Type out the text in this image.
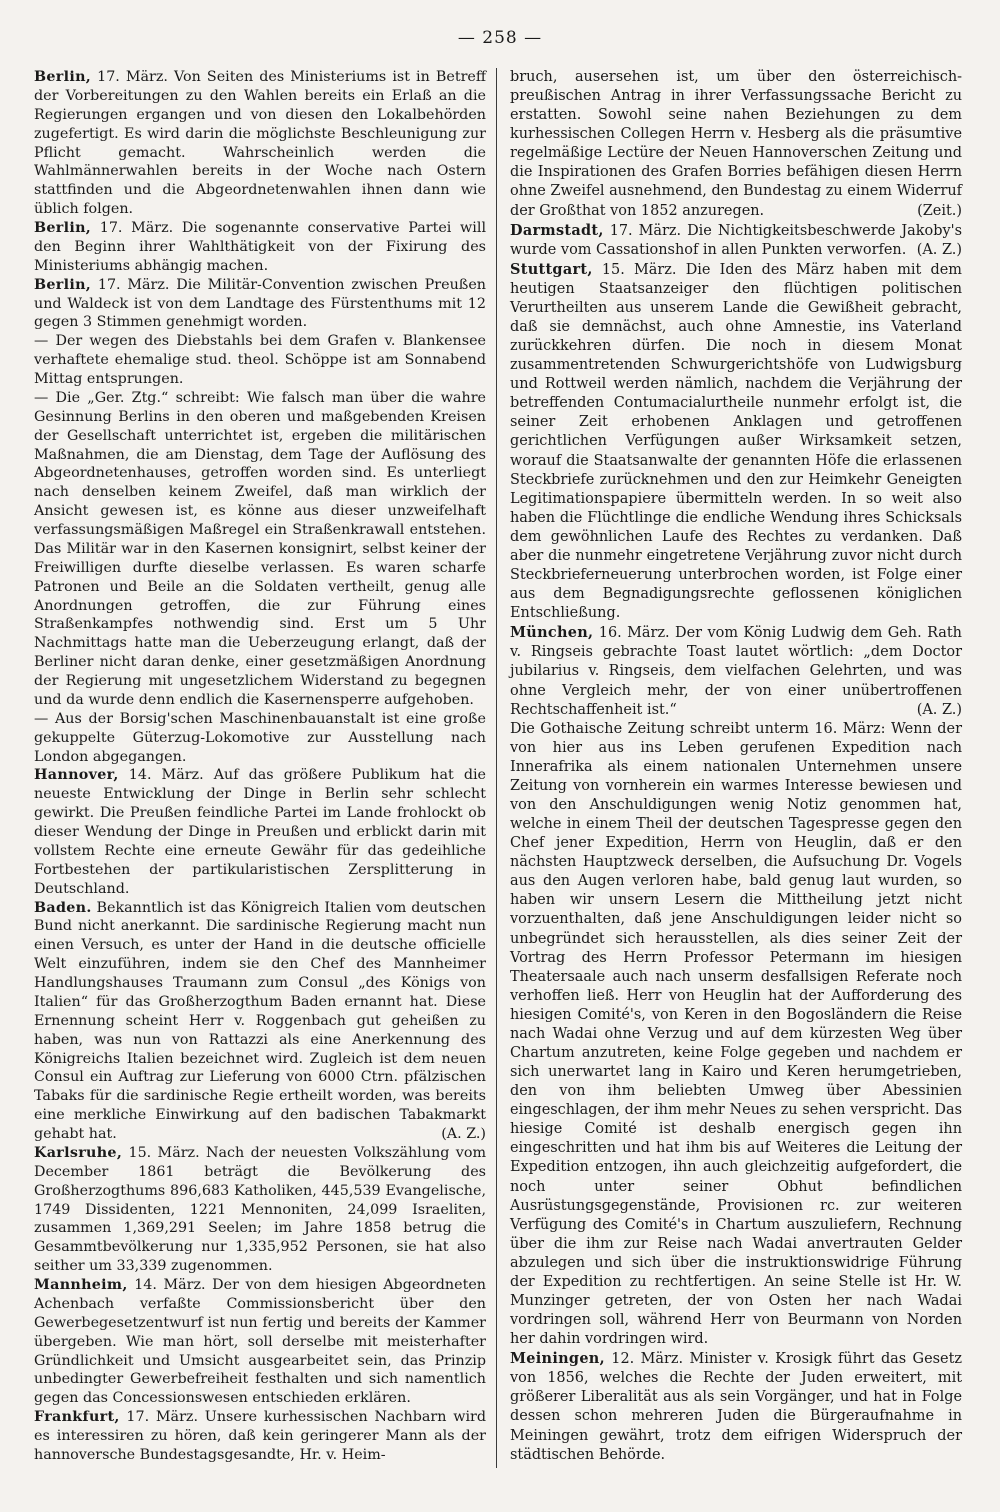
— 258 —

Berlin, 17. März. Von Seiten des Ministeriums ist in Betreff der Vorbereitungen zu den Wahlen bereits ein Erlaß an die Regierungen ergangen und von diesen den Lokalbehörden zugefertigt. Es wird darin die möglichste Beschleunigung zur Pflicht gemacht. Wahrscheinlich werden die Wahlmännerwahlen bereits in der Woche nach Ostern stattfinden und die Abgeordnetenwahlen ihnen dann wie üblich folgen.

Berlin, 17. März. Die sogenannte conservative Partei will den Beginn ihrer Wahlthätigkeit von der Fixirung des Ministeriums abhängig machen.

Berlin, 17. März. Die Militär-Convention zwischen Preußen und Waldeck ist von dem Landtage des Fürstenthums mit 12 gegen 3 Stimmen genehmigt worden.

— Der wegen des Diebstahls bei dem Grafen v. Blankensee verhaftete ehemalige stud. theol. Schöppe ist am Sonnabend Mittag entsprungen.

— Die „Ger. Ztg.“ schreibt: Wie falsch man über die wahre Gesinnung Berlins in den oberen und maßgebenden Kreisen der Gesellschaft unterrichtet ist, ergeben die militärischen Maßnahmen, die am Dienstag, dem Tage der Auflösung des Abgeordnetenhauses, getroffen worden sind. Es unterliegt nach denselben keinem Zweifel, daß man wirklich der Ansicht gewesen ist, es könne aus dieser unzweifelhaft verfassungsmäßigen Maßregel ein Straßenkrawall entstehen. Das Militär war in den Kasernen konsignirt, selbst keiner der Freiwilligen durfte dieselbe verlassen. Es waren scharfe Patronen und Beile an die Soldaten vertheilt, genug alle Anordnungen getroffen, die zur Führung eines Straßenkampfes nothwendig sind. Erst um 5 Uhr Nachmittags hatte man die Ueberzeugung erlangt, daß der Berliner nicht daran denke, einer gesetzmäßigen Anordnung der Regierung mit ungesetzlichem Widerstand zu begegnen und da wurde denn endlich die Kasernensperre aufgehoben.

— Aus der Borsig'schen Maschinenbauanstalt ist eine große gekuppelte Güterzug-Lokomotive zur Ausstellung nach London abgegangen.

Hannover, 14. März. Auf das größere Publikum hat die neueste Entwicklung der Dinge in Berlin sehr schlecht gewirkt. Die Preußen feindliche Partei im Lande frohlockt ob dieser Wendung der Dinge in Preußen und erblickt darin mit vollstem Rechte eine erneute Gewähr für das gedeihliche Fortbestehen der partikularistischen Zersplitterung in Deutschland.

Baden. Bekanntlich ist das Königreich Italien vom deutschen Bund nicht anerkannt. Die sardinische Regierung macht nun einen Versuch, es unter der Hand in die deutsche officielle Welt einzuführen, indem sie den Chef des Mannheimer Handlungshauses Traumann zum Consul „des Königs von Italien“ für das Großherzogthum Baden ernannt hat. Diese Ernennung scheint Herr v. Roggenbach gut geheißen zu haben, was nun von Rattazzi als eine Anerkennung des Königreichs Italien bezeichnet wird. Zugleich ist dem neuen Consul ein Auftrag zur Lieferung von 6000 Ctrn. pfälzischen Tabaks für die sardinische Regie ertheilt worden, was bereits eine merkliche Einwirkung auf den badischen Tabakmarkt gehabt hat.	(A. Z.)

Karlsruhe, 15. März. Nach der neuesten Volkszählung vom December 1861 beträgt die Bevölkerung des Großherzogthums 896,683 Katholiken, 445,539 Evangelische, 1749 Dissidenten, 1221 Mennoniten, 24,099 Israeliten, zusammen 1,369,291 Seelen; im Jahre 1858 betrug die Gesammtbevölkerung nur 1,335,952 Personen, sie hat also seither um 33,339 zugenommen.

Mannheim, 14. März. Der von dem hiesigen Abgeordneten Achenbach verfaßte Commissionsbericht über den Gewerbegesetzentwurf ist nun fertig und bereits der Kammer übergeben. Wie man hört, soll derselbe mit meisterhafter Gründlichkeit und Umsicht ausgearbeitet sein, das Prinzip unbedingter Gewerbefreiheit festhalten und sich namentlich gegen das Concessionswesen entschieden erklären.

Frankfurt, 17. März. Unsere kurhessischen Nachbarn wird es interessiren zu hören, daß kein geringerer Mann als der hannoversche Bundestagsgesandte, Hr. v. Heim-

bruch, ausersehen ist, um über den österreichisch-preußischen Antrag in ihrer Verfassungssache Bericht zu erstatten. Sowohl seine nahen Beziehungen zu dem kurhessischen Collegen Herrn v. Hesberg als die präsumtive regelmäßige Lectüre der Neuen Hannoverschen Zeitung und die Inspirationen des Grafen Borries befähigen diesen Herrn ohne Zweifel ausnehmend, den Bundestag zu einem Widerruf der Großthat von 1852 anzuregen.	(Zeit.)

Darmstadt, 17. März. Die Nichtigkeitsbeschwerde Jakoby's wurde vom Cassationshof in allen Punkten verworfen. (A. Z.)

Stuttgart, 15. März. Die Iden des März haben mit dem heutigen Staatsanzeiger den flüchtigen politischen Verurtheilten aus unserem Lande die Gewißheit gebracht, daß sie demnächst, auch ohne Amnestie, ins Vaterland zurückkehren dürfen. Die noch in diesem Monat zusammentretenden Schwurgerichtshöfe von Ludwigsburg und Rottweil werden nämlich, nachdem die Verjährung der betreffenden Contumacialurtheile nunmehr erfolgt ist, die seiner Zeit erhobenen Anklagen und getroffenen gerichtlichen Verfügungen außer Wirksamkeit setzen, worauf die Staatsanwalte der genannten Höfe die erlassenen Steckbriefe zurücknehmen und den zur Heimkehr Geneigten Legitimationspapiere übermitteln werden. In so weit also haben die Flüchtlinge die endliche Wendung ihres Schicksals dem gewöhnlichen Laufe des Rechtes zu verdanken. Daß aber die nunmehr eingetretene Verjährung zuvor nicht durch Steckbrieferneuerung unterbrochen worden, ist Folge einer aus dem Begnadigungsrechte geflossenen königlichen Entschließung.

München, 16. März. Der vom König Ludwig dem Geh. Rath v. Ringseis gebrachte Toast lautet wörtlich: „dem Doctor jubilarius v. Ringseis, dem vielfachen Gelehrten, und was ohne Vergleich mehr, der von einer unübertroffenen Rechtschaffenheit ist.“	(A. Z.)

Die Gothaische Zeitung schreibt unterm 16. März: Wenn der von hier aus ins Leben gerufenen Expedition nach Innerafrika als einem nationalen Unternehmen unsere Zeitung von vornherein ein warmes Interesse bewiesen und von den Anschuldigungen wenig Notiz genommen hat, welche in einem Theil der deutschen Tagespresse gegen den Chef jener Expedition, Herrn von Heuglin, daß er den nächsten Hauptzweck derselben, die Aufsuchung Dr. Vogels aus den Augen verloren habe, bald genug laut wurden, so haben wir unsern Lesern die Mittheilung jetzt nicht vorzuenthalten, daß jene Anschuldigungen leider nicht so unbegründet sich herausstellen, als dies seiner Zeit der Vortrag des Herrn Professor Petermann im hiesigen Theatersaale auch nach unserm desfallsigen Referate noch verhoffen ließ. Herr von Heuglin hat der Aufforderung des hiesigen Comité's, von Keren in den Bogosländern die Reise nach Wadai ohne Verzug und auf dem kürzesten Weg über Chartum anzutreten, keine Folge gegeben und nachdem er sich unerwartet lang in Kairo und Keren herumgetrieben, den von ihm beliebten Umweg über Abessinien eingeschlagen, der ihm mehr Neues zu sehen verspricht. Das hiesige Comité ist deshalb energisch gegen ihn eingeschritten und hat ihm bis auf Weiteres die Leitung der Expedition entzogen, ihn auch gleichzeitig aufgefordert, die noch unter seiner Obhut befindlichen Ausrüstungsgegenstände, Provisionen rc. zur weiteren Verfügung des Comité's in Chartum auszuliefern, Rechnung über die ihm zur Reise nach Wadai anvertrauten Gelder abzulegen und sich über die instruktionswidrige Führung der Expedition zu rechtfertigen. An seine Stelle ist Hr. W. Munzinger getreten, der von Osten her nach Wadai vordringen soll, während Herr von Beurmann von Norden her dahin vordringen wird.

Meiningen, 12. März. Minister v. Krosigk führt das Gesetz von 1856, welches die Rechte der Juden erweitert, mit größerer Liberalität aus als sein Vorgänger, und hat in Folge dessen schon mehreren Juden die Bürgeraufnahme in Meiningen gewährt, trotz dem eifrigen Widerspruch der städtischen Behörde.
